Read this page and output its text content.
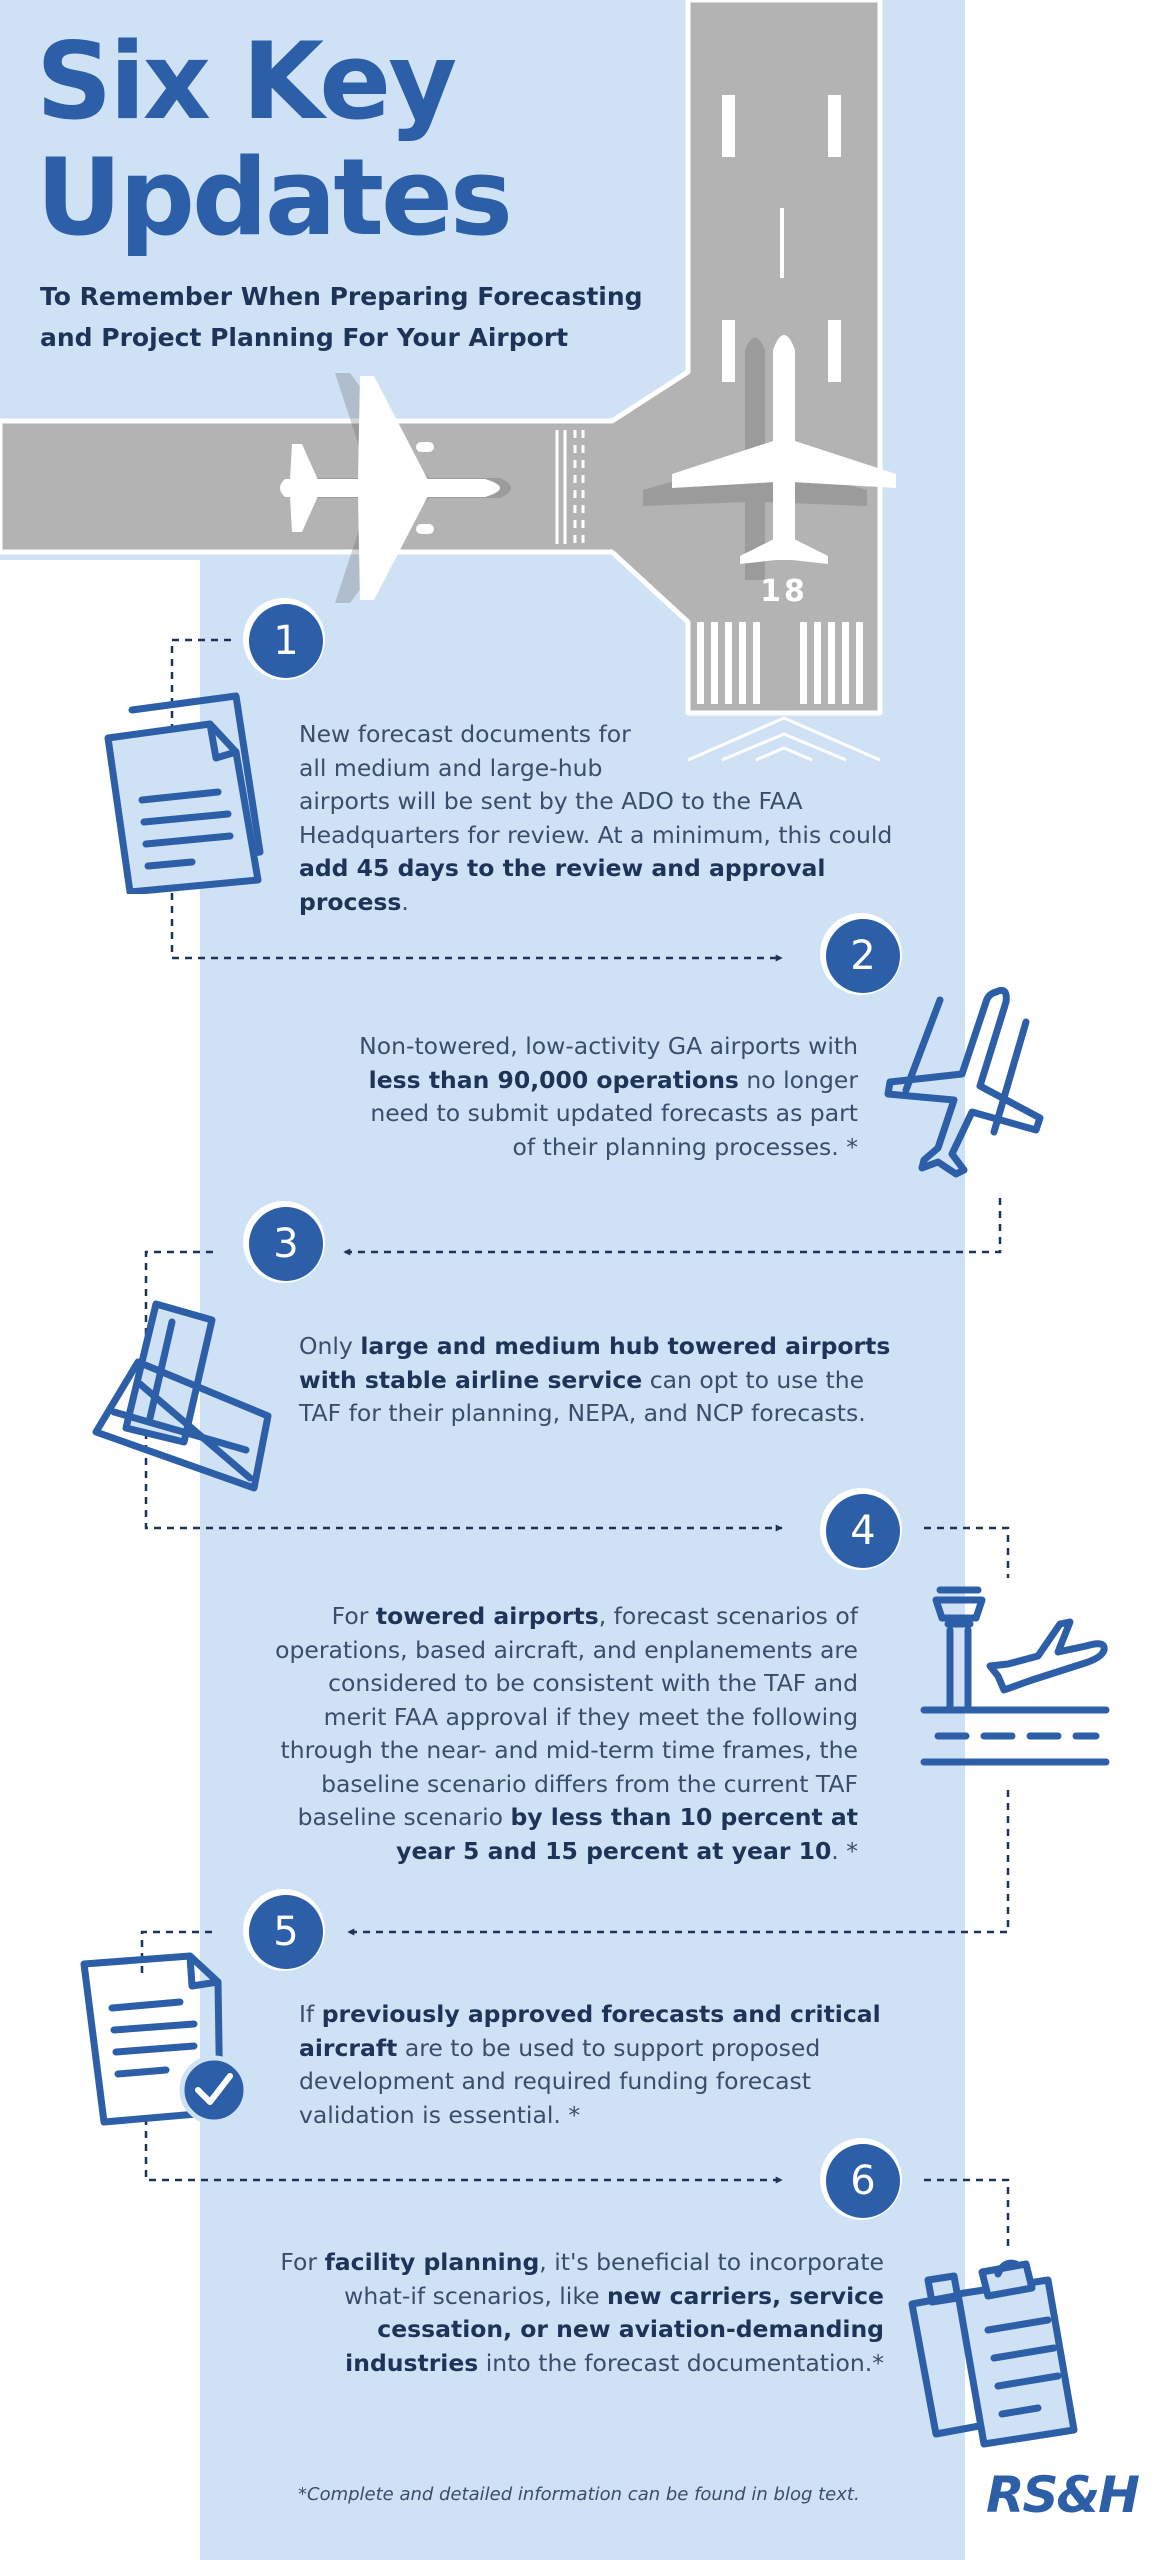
Six Key
Updates

To Remember When Preparing Forecasting
and Project Planning For Your Airport

18
1
2
3
4
5
6

New forecast documents for
all medium and large-hub
airports will be sent by the ADO to the FAA
Headquarters for review. At a minimum, this could
add 45 days to the review and approval process.

Non-towered, low-activity GA airports with
less than 90,000 operations no longer
need to submit updated forecasts as part
of their planning processes. *

Only large and medium hub towered airports
with stable airline service can opt to use the
TAF for their planning, NEPA, and NCP forecasts.

For towered airports, forecast scenarios of
operations, based aircraft, and enplanements are
considered to be consistent with the TAF and
merit FAA approval if they meet the following
through the near- and mid-term time frames, the
baseline scenario differs from the current TAF
baseline scenario by less than 10 percent at
year 5 and 15 percent at year 10. *

If previously approved forecasts and critical
aircraft are to be used to support proposed
development and required funding forecast
validation is essential. *

For facility planning, it's beneficial to incorporate
what-if scenarios, like new carriers, service
cessation, or new aviation-demanding
industries into the forecast documentation.*

*Complete and detailed information can be found in blog text.	RS&H
